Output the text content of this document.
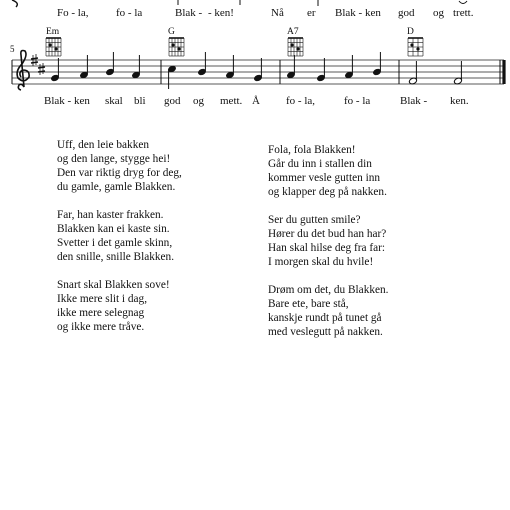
Fo - la,	fo - la	Blak - - ken!	Nå er Blak - ken god og trett.
5
Em	G	A7	D
Blak - ken skal bli god og mett. Å fo - la,	fo - la	Blak - ken.
Uff, den leie bakken
og den lange, stygge hei!
Den var riktig dryg for deg,
du gamle, gamle Blakken.
Far, han kaster frakken.
Blakken kan ei kaste sin.
Svetter i det gamle skinn,
den snille, snille Blakken.
Snart skal Blakken sove!
Ikke mere slit i dag,
ikke mere selegnag
og ikke mere tråve.
Fola, fola Blakken!
Går du inn i stallen din
kommer vesle gutten inn
og klapper deg på nakken.
Ser du gutten smile?
Hører du det bud han har?
Han skal hilse deg fra far:
I morgen skal du hvile!
Drøm om det, du Blakken.
Bare ete, bare stå,
kanskje rundt på tunet gå
med veslegutt på nakken.
